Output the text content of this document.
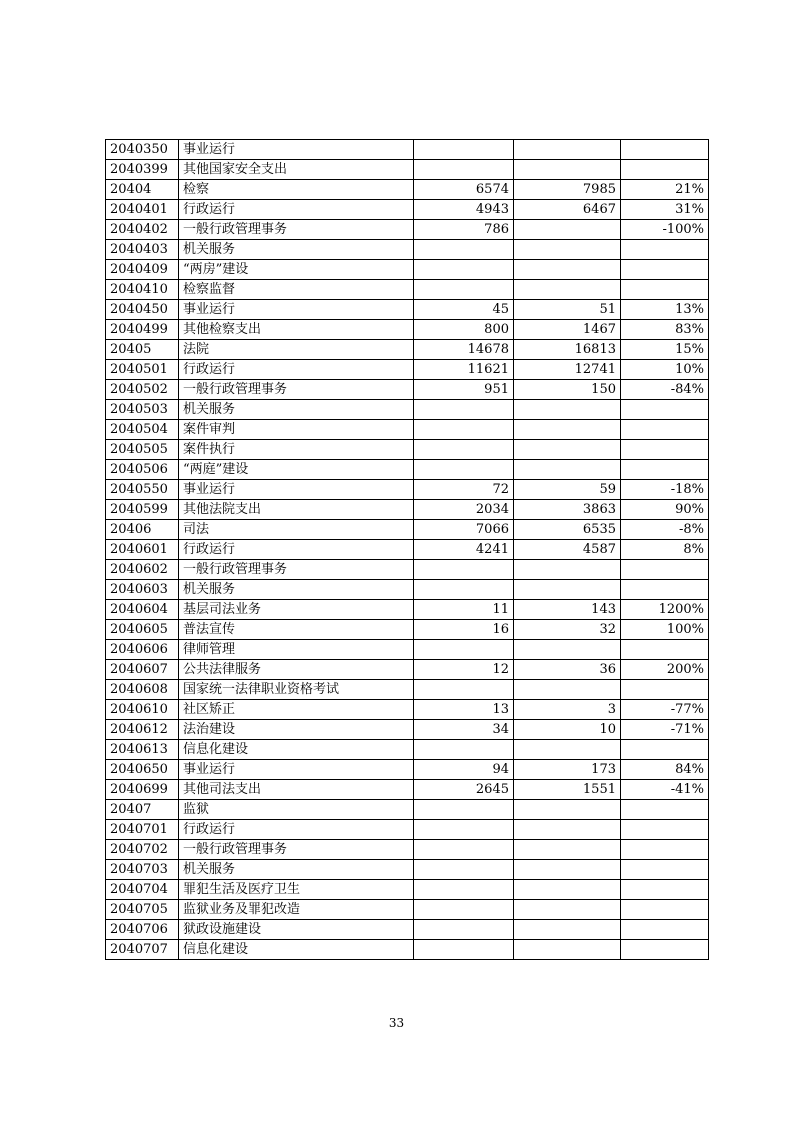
2040350	事业运行			
2040399	其他国家安全支出			
20404	检察	6574	7985	21%
2040401	行政运行	4943	6467	31%
2040402	一般行政管理事务	786		-100%
2040403	机关服务			
2040409	“两房”建设			
2040410	检察监督			
2040450	事业运行	45	51	13%
2040499	其他检察支出	800	1467	83%
20405	法院	14678	16813	15%
2040501	行政运行	11621	12741	10%
2040502	一般行政管理事务	951	150	-84%
2040503	机关服务			
2040504	案件审判			
2040505	案件执行			
2040506	“两庭”建设			
2040550	事业运行	72	59	-18%
2040599	其他法院支出	2034	3863	90%
20406	司法	7066	6535	-8%
2040601	行政运行	4241	4587	8%
2040602	一般行政管理事务			
2040603	机关服务			
2040604	基层司法业务	11	143	1200%
2040605	普法宣传	16	32	100%
2040606	律师管理			
2040607	公共法律服务	12	36	200%
2040608	国家统一法律职业资格考试			
2040610	社区矫正	13	3	-77%
2040612	法治建设	34	10	-71%
2040613	信息化建设			
2040650	事业运行	94	173	84%
2040699	其他司法支出	2645	1551	-41%
20407	监狱			
2040701	行政运行			
2040702	一般行政管理事务			
2040703	机关服务			
2040704	罪犯生活及医疗卫生			
2040705	监狱业务及罪犯改造			
2040706	狱政设施建设			
2040707	信息化建设			
33
